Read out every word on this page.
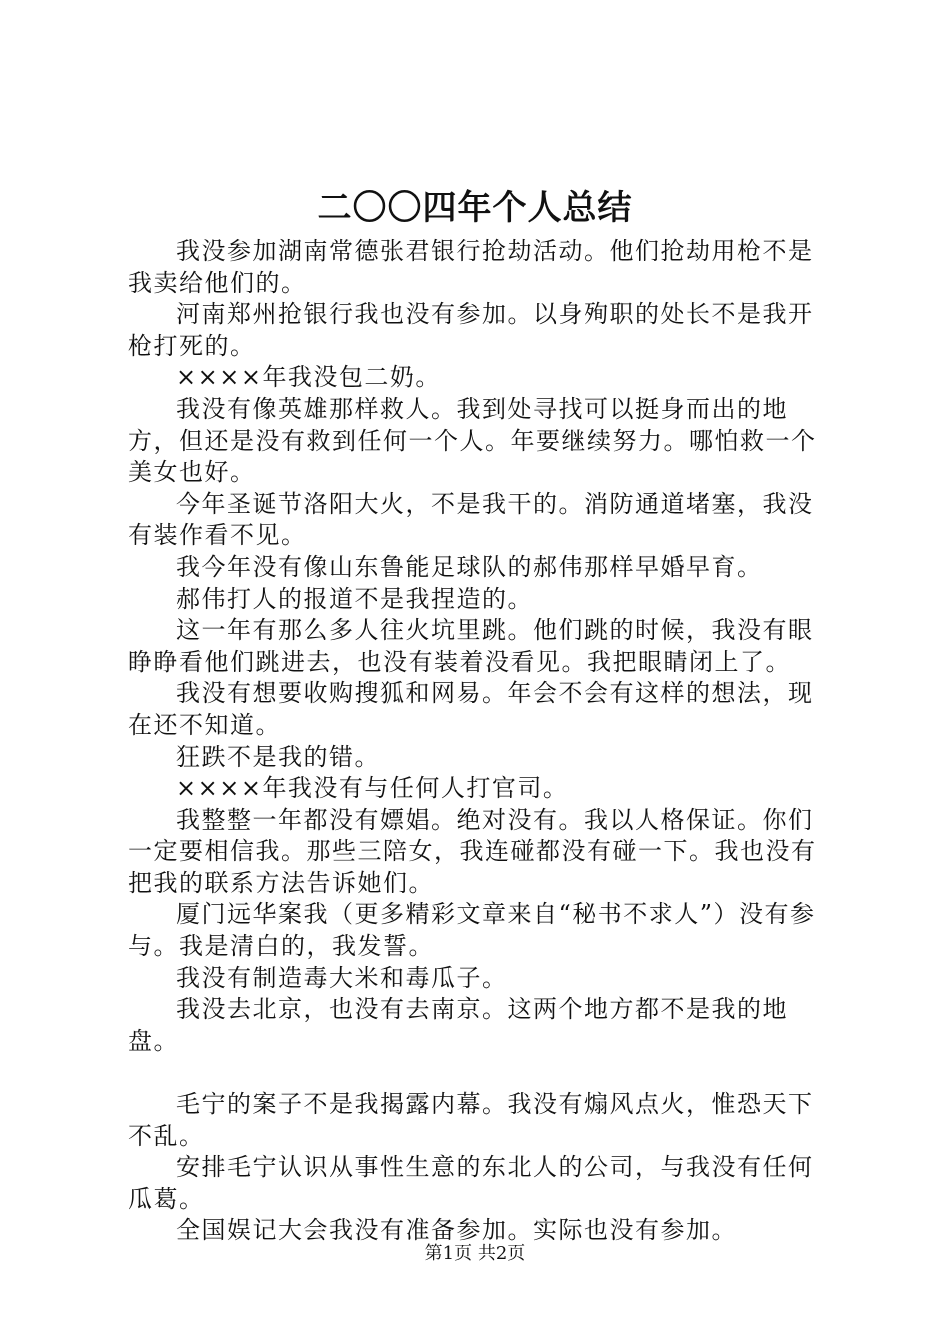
二〇〇四年个人总结

我没参加湖南常德张君银行抢劫活动。他们抢劫用枪不是我卖给他们的。

河南郑州抢银行我也没有参加。以身殉职的处长不是我开枪打死的。

××××年我没包二奶。

我没有像英雄那样救人。我到处寻找可以挺身而出的地方，但还是没有救到任何一个人。年要继续努力。哪怕救一个美女也好。

今年圣诞节洛阳大火，不是我干的。消防通道堵塞，我没有装作看不见。

我今年没有像山东鲁能足球队的郝伟那样早婚早育。

郝伟打人的报道不是我捏造的。

这一年有那么多人往火坑里跳。他们跳的时候，我没有眼睁睁看他们跳进去，也没有装着没看见。我把眼睛闭上了。

我没有想要收购搜狐和网易。年会不会有这样的想法，现在还不知道。

狂跌不是我的错。

××××年我没有与任何人打官司。

我整整一年都没有嫖娼。绝对没有。我以人格保证。你们一定要相信我。那些三陪女，我连碰都没有碰一下。我也没有把我的联系方法告诉她们。

厦门远华案我（更多精彩文章来自“秘书不求人”）没有参与。我是清白的，我发誓。

我没有制造毒大米和毒瓜子。

我没去北京，也没有去南京。这两个地方都不是我的地盘。

毛宁的案子不是我揭露内幕。我没有煽风点火，惟恐天下不乱。

安排毛宁认识从事性生意的东北人的公司，与我没有任何瓜葛。

全国娱记大会我没有准备参加。实际也没有参加。

第1页 共2页
